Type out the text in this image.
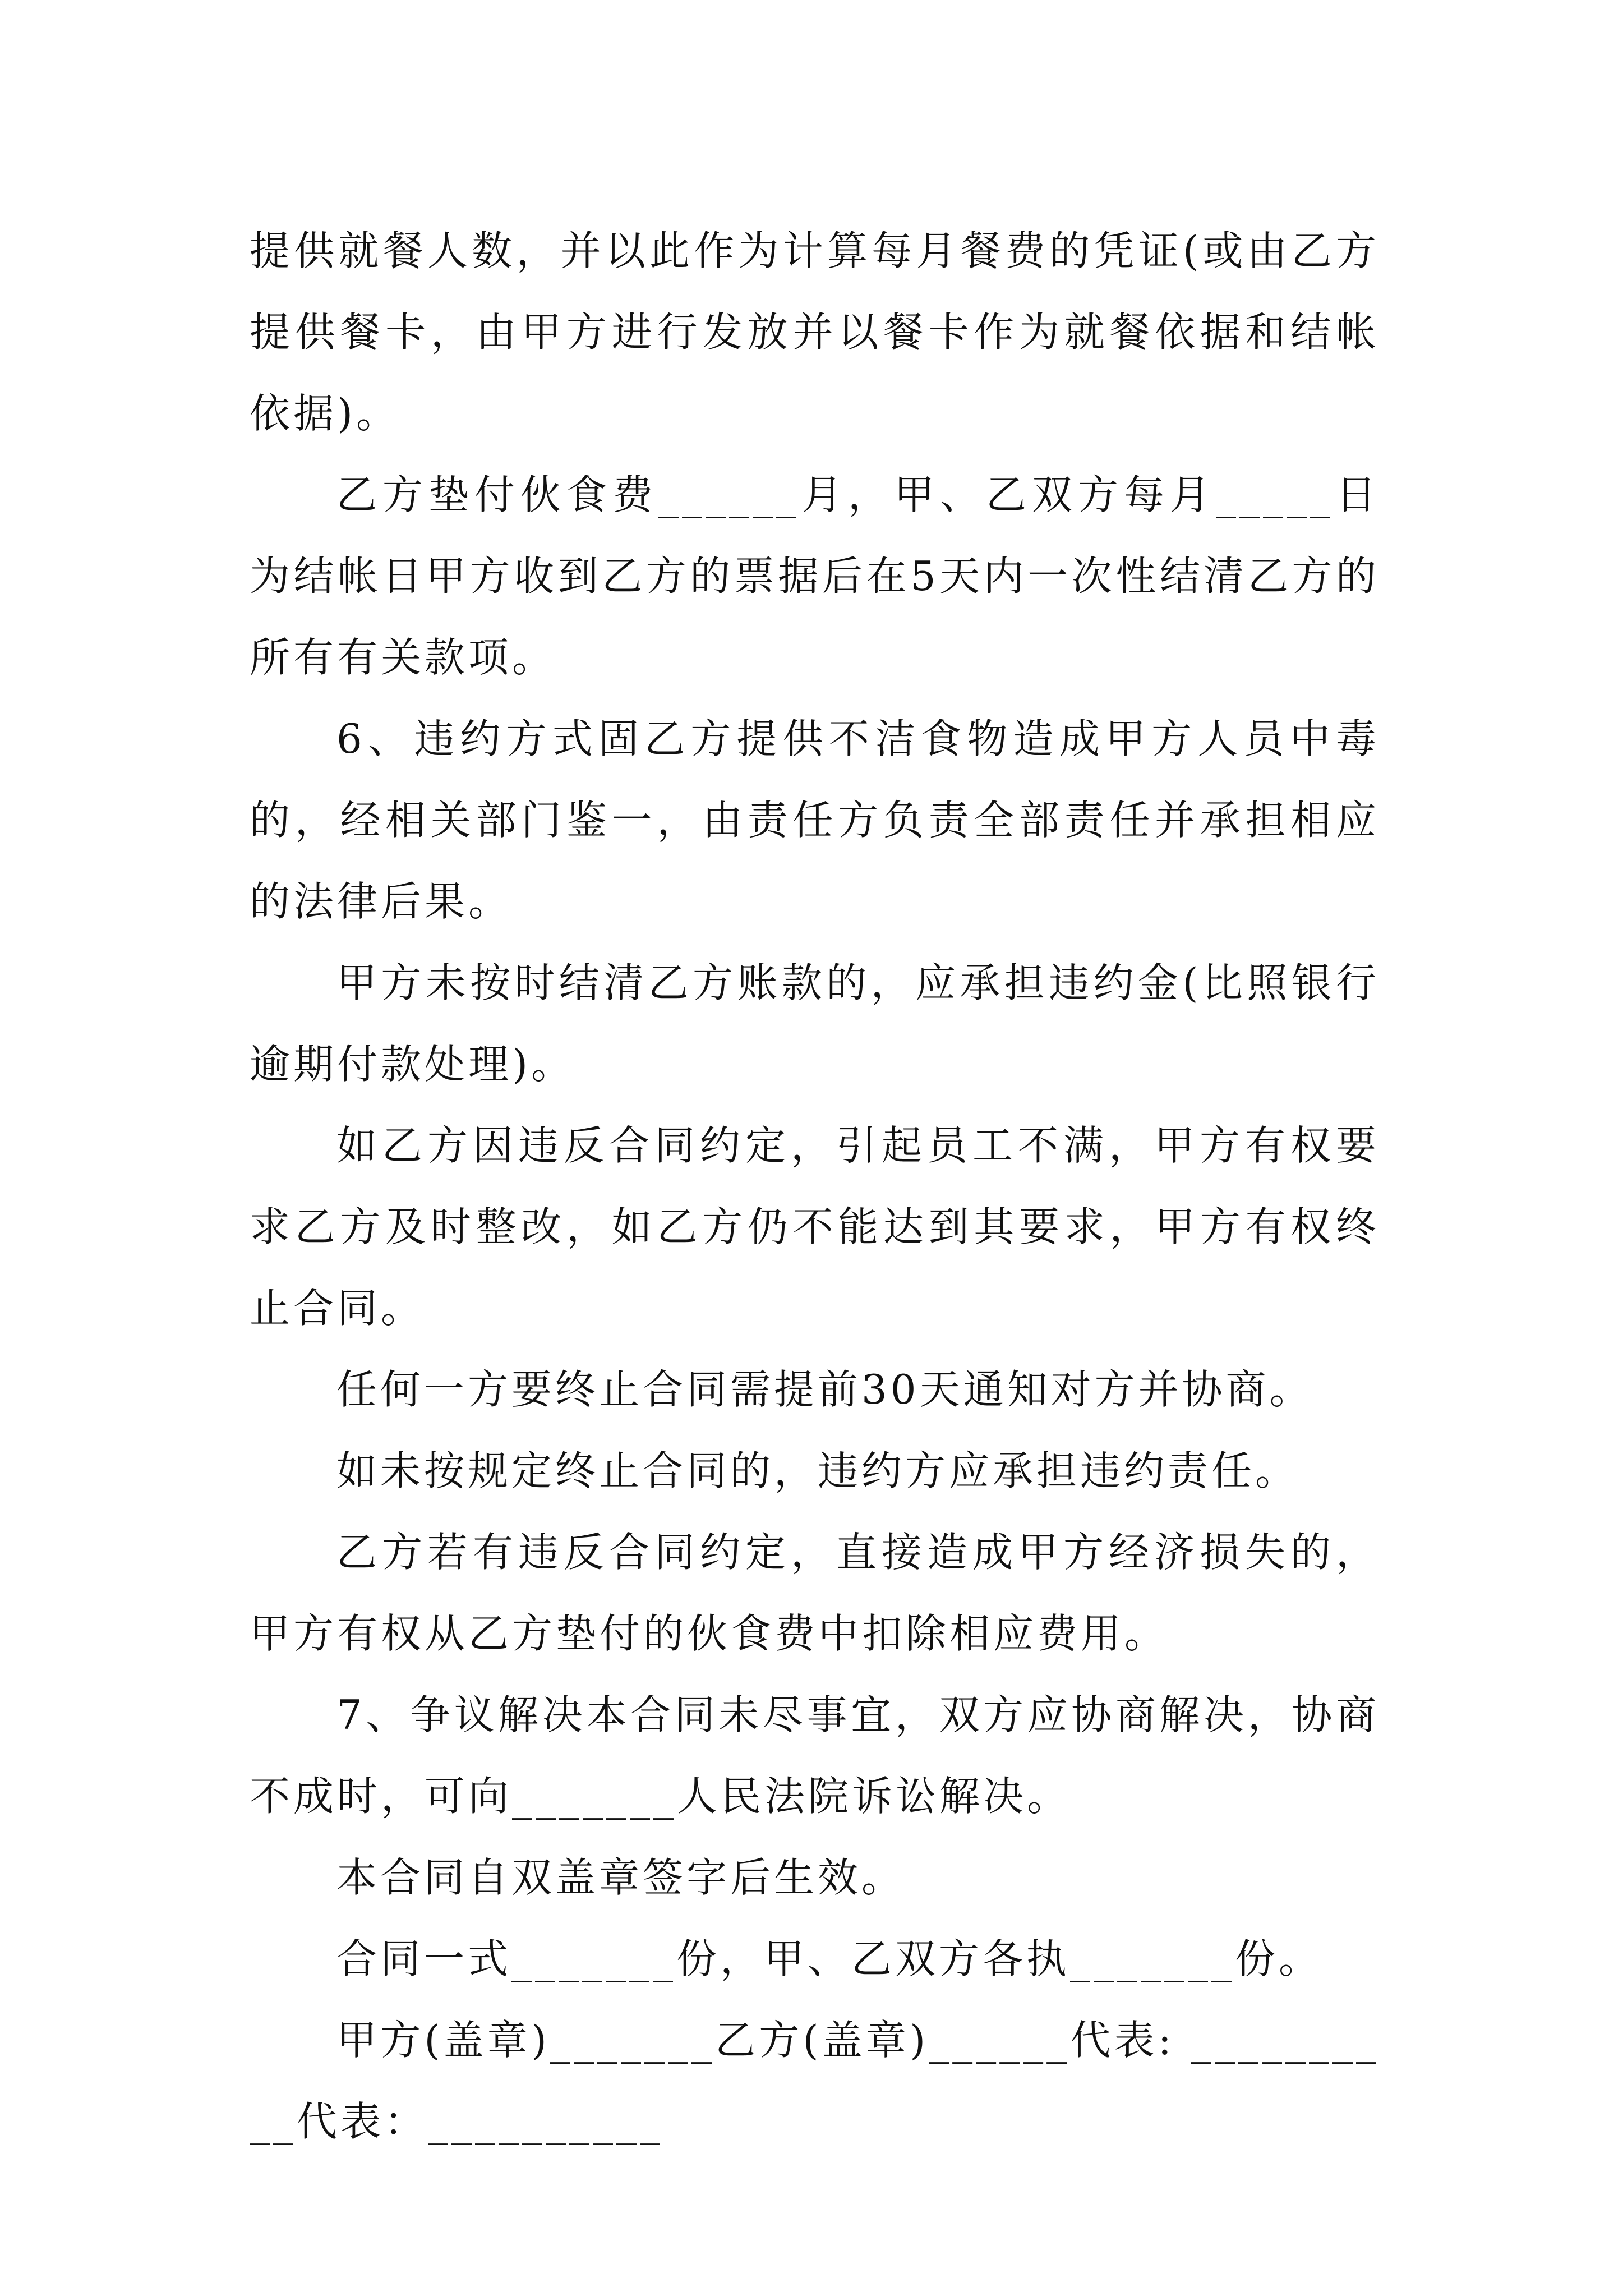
提供就餐人数，并以此作为计算每月餐费的凭证(或由乙方提供餐卡，由甲方进行发放并以餐卡作为就餐依据和结帐依据)。

乙方垫付伙食费______月，甲、乙双方每月_____日为结帐日甲方收到乙方的票据后在5天内一次性结清乙方的所有有关款项。

6、违约方式固乙方提供不洁食物造成甲方人员中毒的，经相关部门鉴一，由责任方负责全部责任并承担相应的法律后果。

甲方未按时结清乙方账款的，应承担违约金(比照银行逾期付款处理)。

如乙方因违反合同约定，引起员工不满，甲方有权要求乙方及时整改，如乙方仍不能达到其要求，甲方有权终止合同。

任何一方要终止合同需提前30天通知对方并协商。

如未按规定终止合同的，违约方应承担违约责任。

乙方若有违反合同约定，直接造成甲方经济损失的，甲方有权从乙方垫付的伙食费中扣除相应费用。

7、争议解决本合同未尽事宜，双方应协商解决，协商不成时，可向_______人民法院诉讼解决。

本合同自双盖章签字后生效。

合同一式_______份，甲、乙双方各执_______份。

甲方(盖章)_______乙方(盖章)______代表: __________代表：__________
